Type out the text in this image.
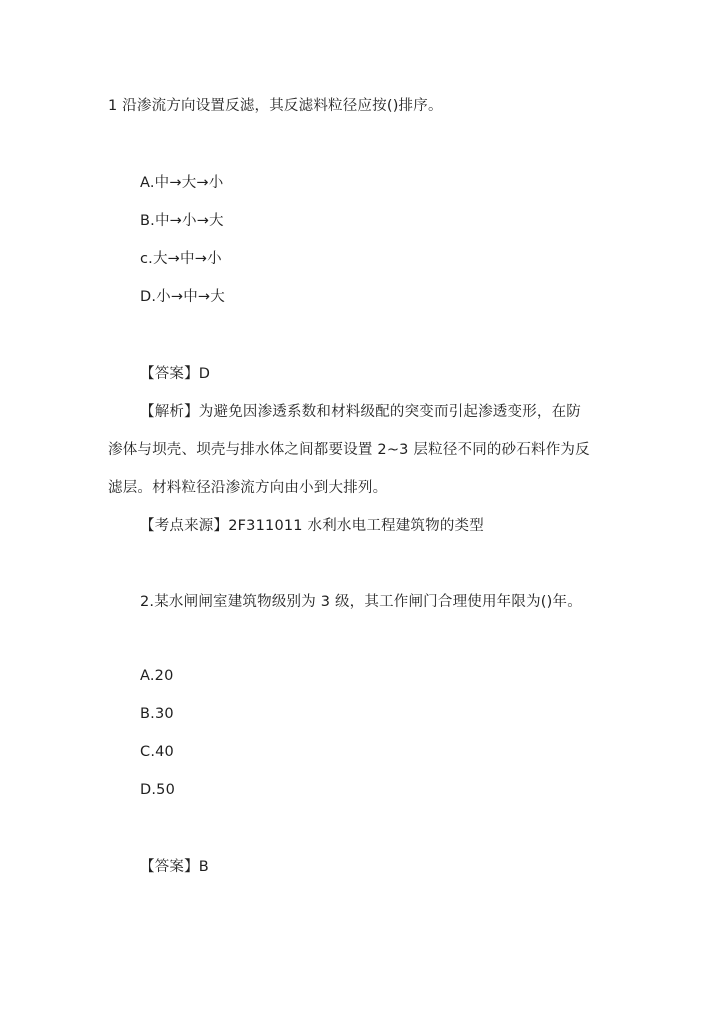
1 沿渗流方向设置反滤，其反滤料粒径应按()排序。
A.中→大→小
B.中→小→大
c.大→中→小
D.小→中→大
【答案】D
【解析】为避免因渗透系数和材料级配的突变而引起渗透变形，在防
渗体与坝壳、坝壳与排水体之间都要设置 2~3 层粒径不同的砂石料作为反
滤层。材料粒径沿渗流方向由小到大排列。
【考点来源】2F311011 水利水电工程建筑物的类型
2.某水闸闸室建筑物级别为 3 级，其工作闸门合理使用年限为()年。
A.20
B.30
C.40
D.50
【答案】B
